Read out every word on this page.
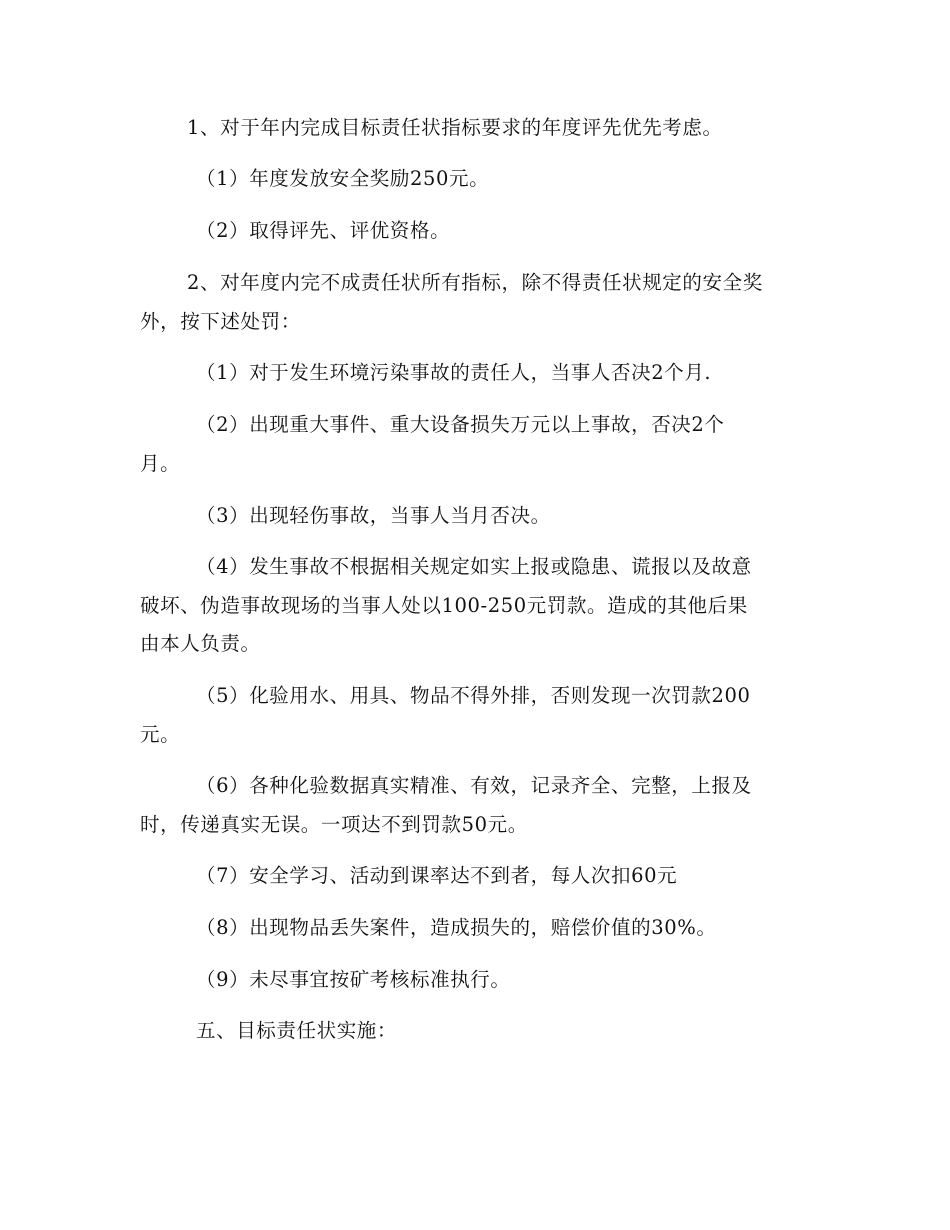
1、对于年内完成目标责任状指标要求的年度评先优先考虑。
（1）年度发放安全奖励250元。
（2）取得评先、评优资格。
2、对年度内完不成责任状所有指标，除不得责任状规定的安全奖
外，按下述处罚：
（1）对于发生环境污染事故的责任人，当事人否决2个月.
（2）出现重大事件、重大设备损失万元以上事故，否决2个
月。
（3）出现轻伤事故，当事人当月否决。
（4）发生事故不根据相关规定如实上报或隐患、谎报以及故意
破坏、伪造事故现场的当事人处以100-250元罚款。造成的其他后果
由本人负责。
（5）化验用水、用具、物品不得外排，否则发现一次罚款200
元。
（6）各种化验数据真实精准、有效，记录齐全、完整，上报及
时，传递真实无误。一项达不到罚款50元。
（7）安全学习、活动到课率达不到者，每人次扣60元
（8）出现物品丢失案件，造成损失的，赔偿价值的30%。
（9）未尽事宜按矿考核标准执行。
五、目标责任状实施：
